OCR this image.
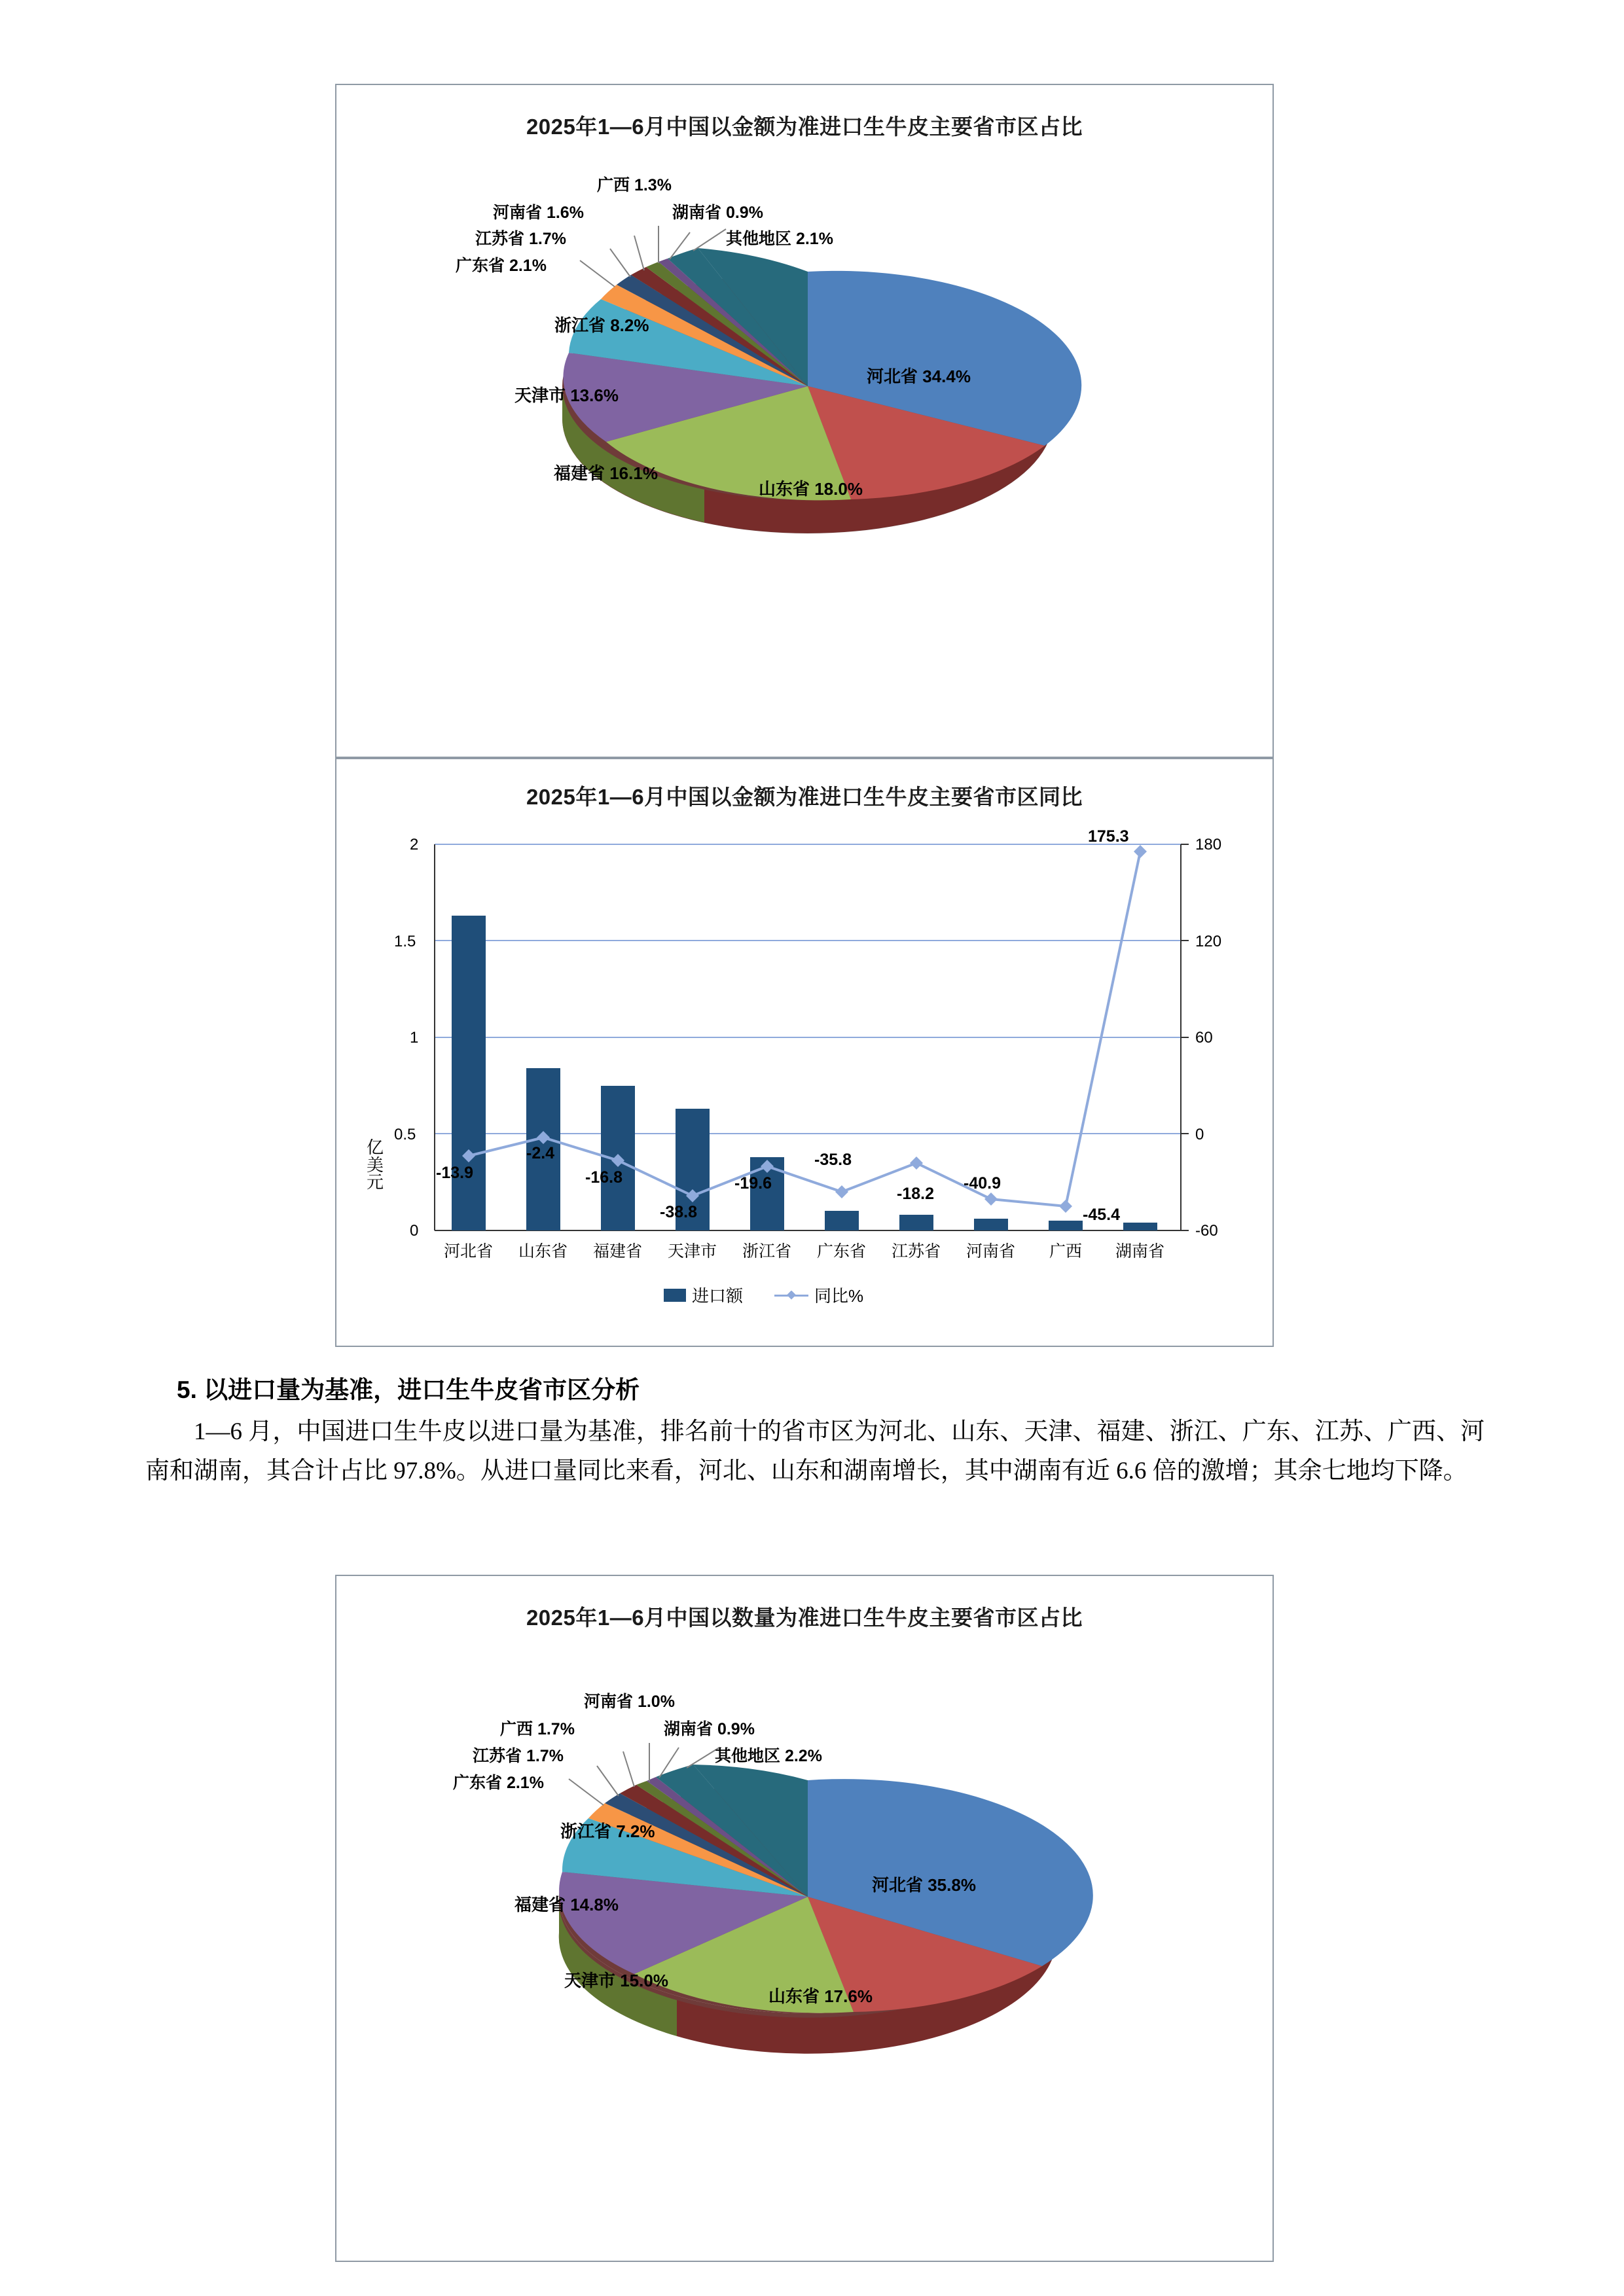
2025年1—6月中国以金额为准进口生牛皮主要省市区占比
河北省 34.4%
山东省 18.0%
福建省 16.1%
天津市 13.6%
浙江省 8.2%
广东省 2.1%
江苏省 1.7%
河南省 1.6%
广西 1.3%
湖南省 0.9%
其他地区 2.1%
2025年1—6月中国以金额为准进口生牛皮主要省市区同比
2
1.5
1
0.5
0
180
120
60
0
-60
亿美元
河北省 山东省 福建省 天津市 浙江省 广东省 江苏省 河南省 广西 湖南省
-13.9
-2.4
-16.8
-38.8
-19.6
-35.8
-18.2
-40.9
-45.4
175.3
进口额	同比%
5. 以进口量为基准，进口生牛皮省市区分析
1—6 月，中国进口生牛皮以进口量为基准，排名前十的省市区为河北、山东、天津、福建、浙江、广东、江苏、广西、河南和湖南，其合计占比 97.8%。从进口量同比来看，河北、山东和湖南增长，其中湖南有近 6.6 倍的激增；其余七地均下降。
2025年1—6月中国以数量为准进口生牛皮主要省市区占比
河北省 35.8%
山东省 17.6%
天津市 15.0%
福建省 14.8%
浙江省 7.2%
广东省 2.1%
江苏省 1.7%
广西 1.7%
河南省 1.0%
湖南省 0.9%
其他地区 2.2%
